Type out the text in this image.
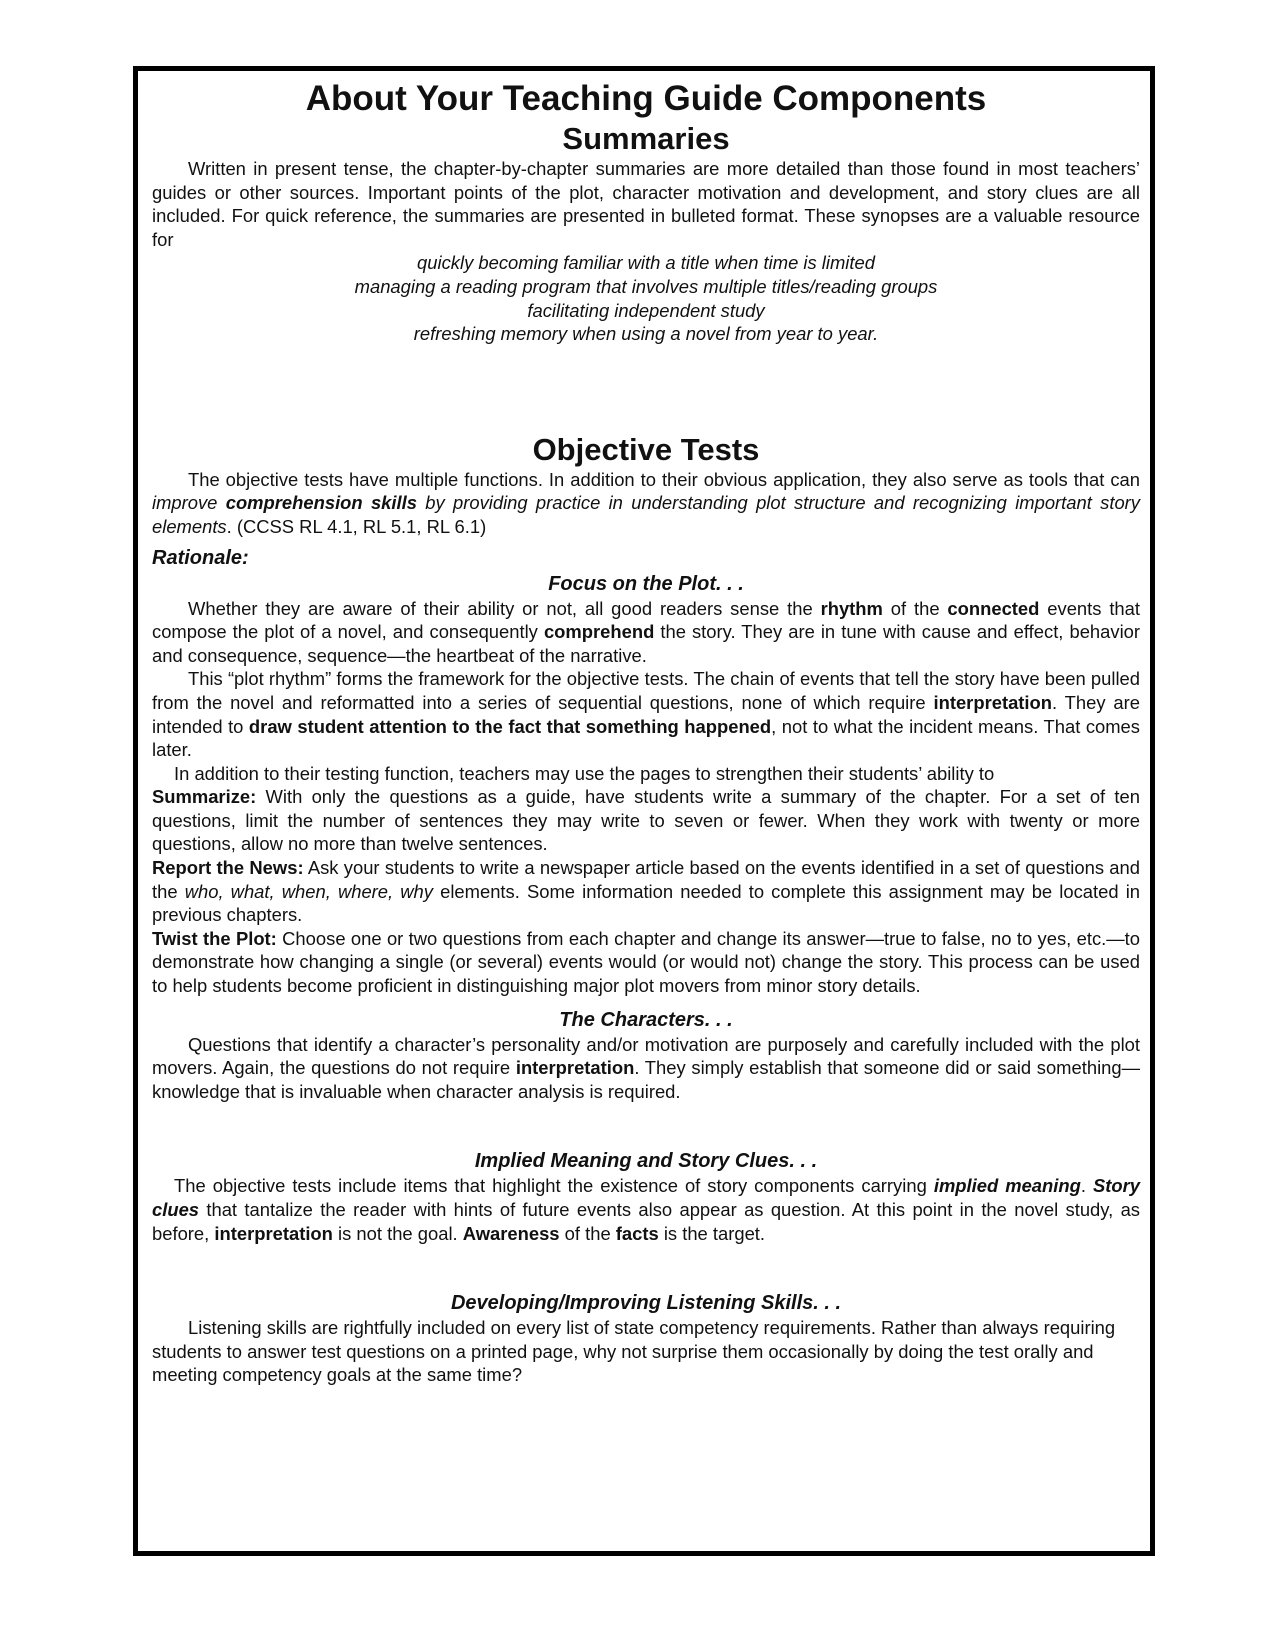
About Your Teaching Guide Components
Summaries

Written in present tense, the chapter-by-chapter summaries are more detailed than those found in most teachers’ guides or other sources. Important points of the plot, character motivation and development, and story clues are all included. For quick reference, the summaries are presented in bulleted format. These synopses are a valuable resource for

quickly becoming familiar with a title when time is limited
managing a reading program that involves multiple titles/reading groups
facilitating independent study
refreshing memory when using a novel from year to year.
Objective Tests

The objective tests have multiple functions. In addition to their obvious application, they also serve as tools that can improve comprehension skills by providing practice in understanding plot structure and recognizing important story elements. (CCSS RL 4.1, RL 5.1, RL 6.1)

Rationale:
Focus on the Plot. . .

Whether they are aware of their ability or not, all good readers sense the rhythm of the connected events that compose the plot of a novel, and consequently comprehend the story. They are in tune with cause and effect, behavior and consequence, sequence—the heartbeat of the narrative.

This “plot rhythm” forms the framework for the objective tests. The chain of events that tell the story have been pulled from the novel and reformatted into a series of sequential questions, none of which require interpretation. They are intended to draw student attention to the fact that something happened, not to what the incident means. That comes later.

In addition to their testing function, teachers may use the pages to strengthen their students’ ability to

Summarize: With only the questions as a guide, have students write a summary of the chapter. For a set of ten questions, limit the number of sentences they may write to seven or fewer. When they work with twenty or more questions, allow no more than twelve sentences.

Report the News: Ask your students to write a newspaper article based on the events identified in a set of questions and the who, what, when, where, why elements. Some information needed to complete this assignment may be located in previous chapters.

Twist the Plot: Choose one or two questions from each chapter and change its answer—true to false, no to yes, etc.—to demonstrate how changing a single (or several) events would (or would not) change the story. This process can be used to help students become proficient in distinguishing major plot movers from minor story details.

The Characters. . .

Questions that identify a character’s personality and/or motivation are purposely and carefully included with the plot movers. Again, the questions do not require interpretation. They simply establish that someone did or said something—knowledge that is invaluable when character analysis is required.

Implied Meaning and Story Clues. . .

The objective tests include items that highlight the existence of story components carrying implied meaning. Story clues that tantalize the reader with hints of future events also appear as question. At this point in the novel study, as before, interpretation is not the goal. Awareness of the facts is the target.

Developing/Improving Listening Skills. . .

Listening skills are rightfully included on every list of state competency requirements. Rather than always requiring students to answer test questions on a printed page, why not surprise them occasionally by doing the test orally and meeting competency goals at the same time?
